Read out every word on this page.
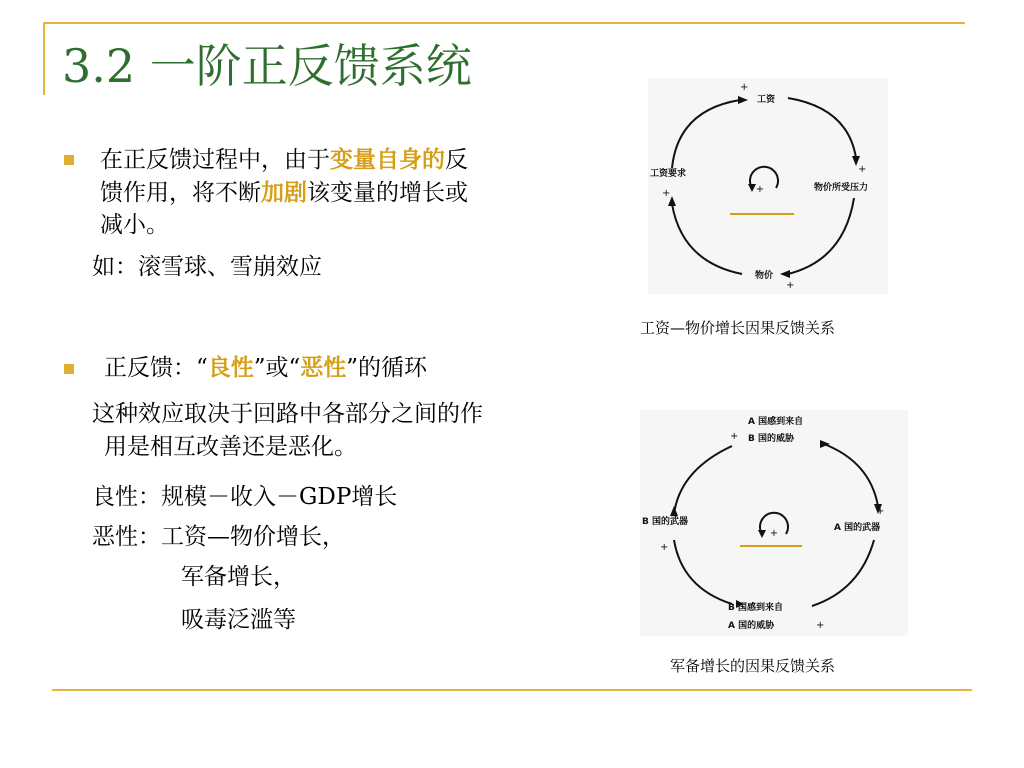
3.2 一阶正反馈系统
在正反馈过程中，由于变量自身的反
馈作用，将不断加剧该变量的增长或
减小。
如：滚雪球、雪崩效应
正反馈：“良性”或“恶性”的循环
这种效应取决于回路中各部分之间的作
用是相互改善还是恶化。
良性：规模－收入－GDP增长
恶性：工资—物价增长，
军备增长，
吸毒泛滥等
+
工资
工资要求
物价所受压力
物价
+
+
+
+
工资—物价增长因果反馈关系
+
A 国感到来自
B 国的威胁
B 国的武器
A 国的武器
B 国感到来自
A 国的威胁
+
+
+
+
军备增长的因果反馈关系
